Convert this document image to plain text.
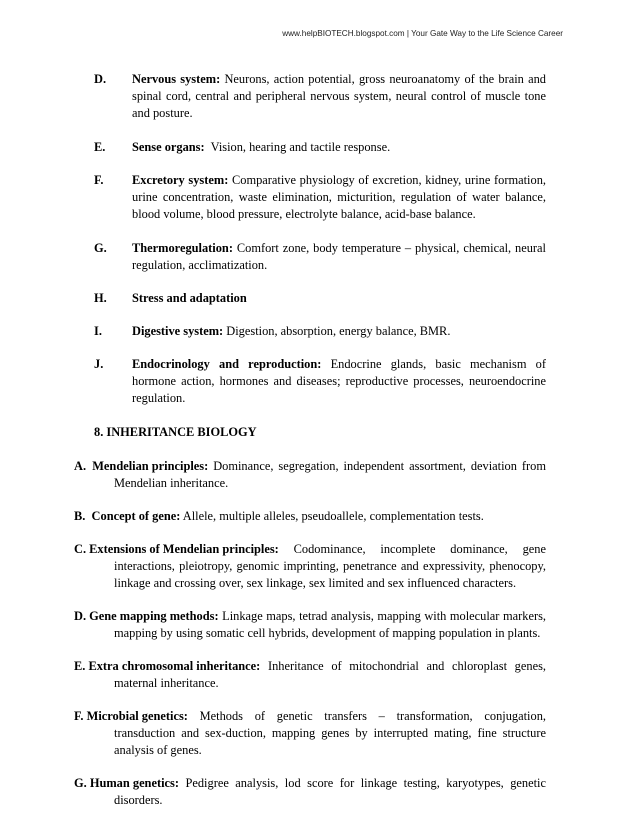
www.helpBIOTECH.blogspot.com | Your Gate Way to the Life Science Career
D.	Nervous system: Neurons, action potential, gross neuroanatomy of the brain and spinal cord, central and peripheral nervous system, neural control of muscle tone and posture.
E.	Sense organs:  Vision, hearing and tactile response.
F.	Excretory system: Comparative physiology of excretion, kidney, urine formation, urine concentration, waste elimination, micturition, regulation of water balance, blood volume, blood pressure, electrolyte balance, acid-base balance.
G.	Thermoregulation: Comfort zone, body temperature – physical, chemical, neural regulation, acclimatization.
H.	Stress and adaptation
I.	Digestive system: Digestion, absorption, energy balance, BMR.
J.	Endocrinology and reproduction: Endocrine glands, basic mechanism of hormone action, hormones and diseases; reproductive processes, neuroendocrine regulation.
8. INHERITANCE BIOLOGY
A.  Mendelian principles: Dominance, segregation, independent assortment, deviation from Mendelian inheritance.
B.  Concept of gene: Allele, multiple alleles, pseudoallele, complementation tests.
C. Extensions of Mendelian principles: Codominance, incomplete dominance, gene interactions, pleiotropy, genomic imprinting, penetrance and expressivity, phenocopy, linkage and crossing over, sex linkage, sex limited and sex influenced characters.
D. Gene mapping methods: Linkage maps, tetrad analysis, mapping with molecular markers, mapping by using somatic cell hybrids, development of mapping population in plants.
E. Extra chromosomal inheritance: Inheritance of mitochondrial and chloroplast genes, maternal inheritance.
F. Microbial genetics: Methods of genetic transfers – transformation, conjugation, transduction and sex-duction, mapping genes by interrupted mating, fine structure analysis of genes.
G. Human genetics: Pedigree analysis, lod score for linkage testing, karyotypes, genetic disorders.
